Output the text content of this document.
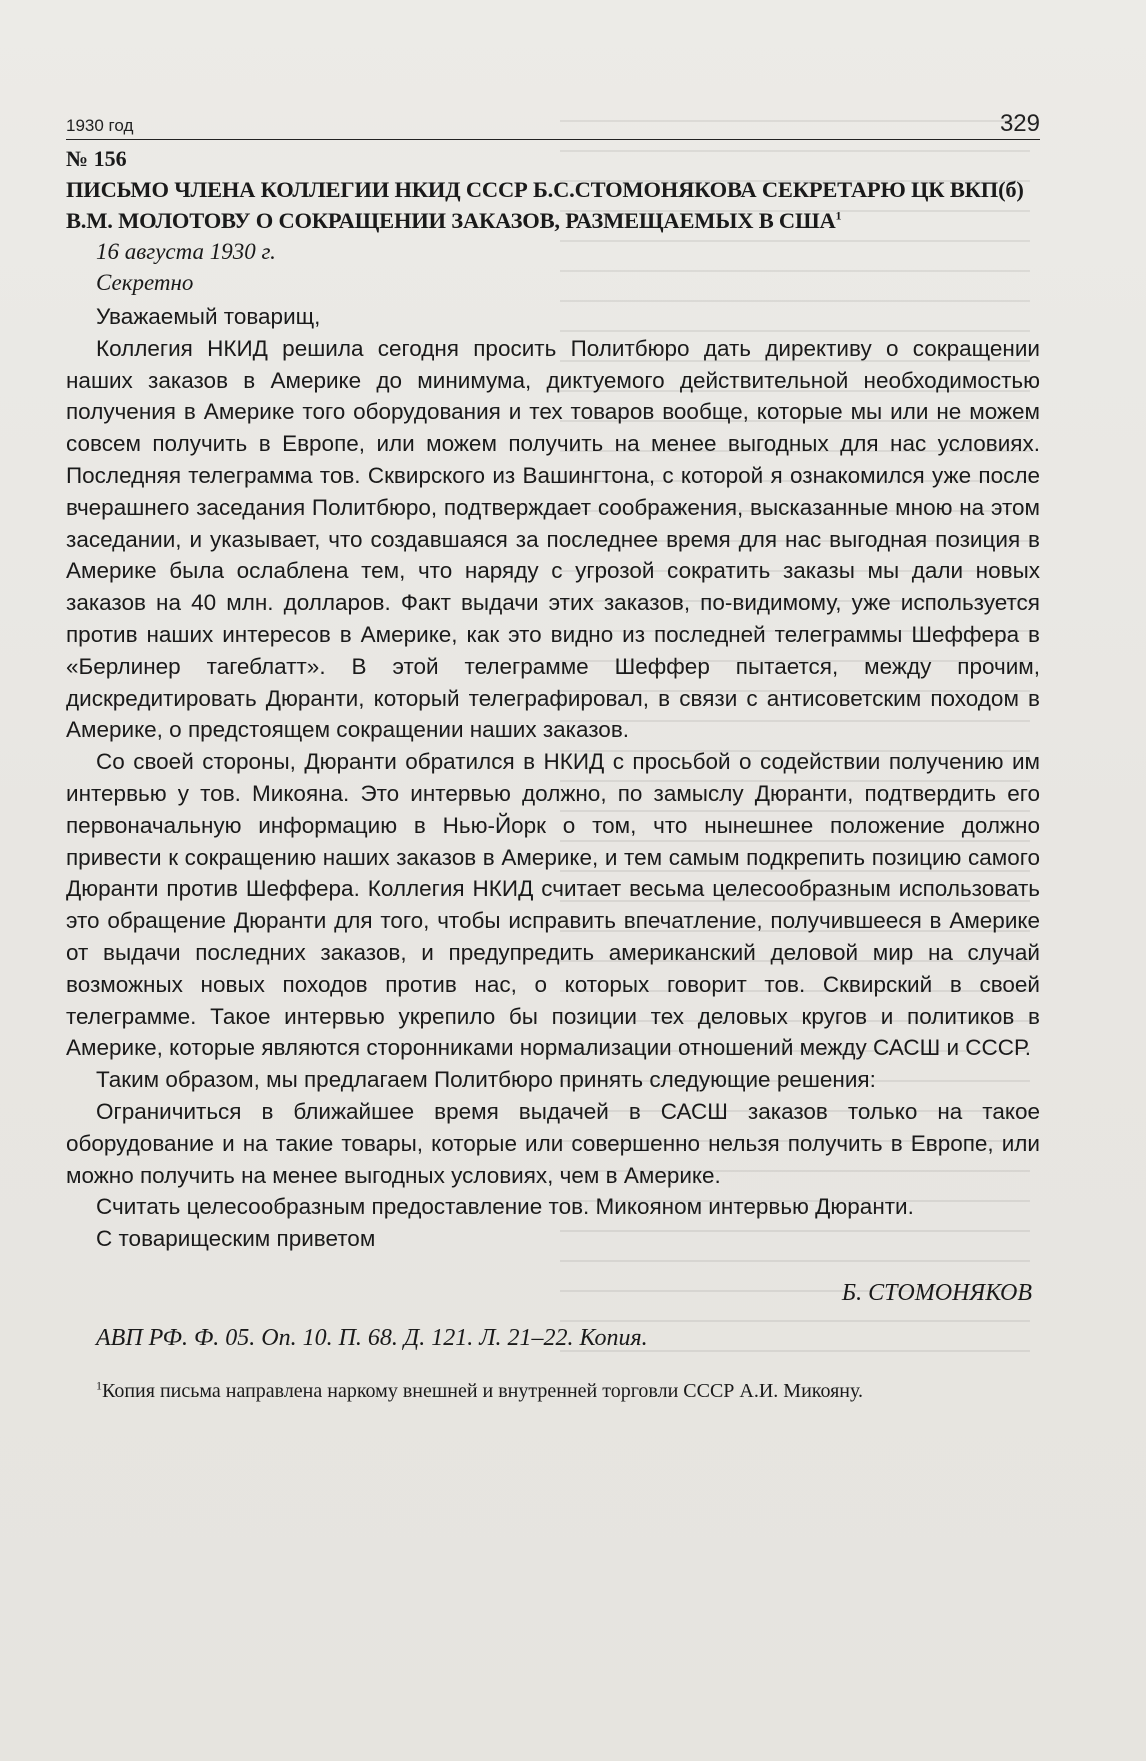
1930 год	329

№ 156

ПИСЬМО ЧЛЕНА КОЛЛЕГИИ НКИД СССР Б.С.СТОМОНЯКОВА СЕКРЕТАРЮ ЦК ВКП(б) В.М. МОЛОТОВУ О СОКРАЩЕНИИ ЗАКАЗОВ, РАЗМЕЩАЕМЫХ В США$^1$

16 августа 1930 г.

Секретно

Уважаемый товарищ,

Коллегия НКИД решила сегодня просить Политбюро дать директиву о сокращении наших заказов в Америке до минимума, диктуемого действительной необходимостью получения в Америке того оборудования и тех товаров вообще, которые мы или не можем совсем получить в Европе, или можем получить на менее выгодных для нас условиях. Последняя телеграмма тов. Сквирского из Вашингтона, с которой я ознакомился уже после вчерашнего заседания Политбюро, подтверждает соображения, высказанные мною на этом заседании, и указывает, что создавшаяся за последнее время для нас выгодная позиция в Америке была ослаблена тем, что наряду с угрозой сократить заказы мы дали новых заказов на 40 млн. долларов. Факт выдачи этих заказов, по-видимому, уже используется против наших интересов в Америке, как это видно из последней телеграммы Шеффера в «Берлинер тагеблатт». В этой телеграмме Шеффер пытается, между прочим, дискредитировать Дюранти, который телеграфировал, в связи с антисоветским походом в Америке, о предстоящем сокращении наших заказов.

Со своей стороны, Дюранти обратился в НКИД с просьбой о содействии получению им интервью у тов. Микояна. Это интервью должно, по замыслу Дюранти, подтвердить его первоначальную информацию в Нью-Йорк о том, что нынешнее положение должно привести к сокращению наших заказов в Америке, и тем самым подкрепить позицию самого Дюранти против Шеффера. Коллегия НКИД считает весьма целесообразным использовать это обращение Дюранти для того, чтобы исправить впечатление, получившееся в Америке от выдачи последних заказов, и предупредить американский деловой мир на случай возможных новых походов против нас, о которых говорит тов. Сквирский в своей телеграмме. Такое интервью укрепило бы позиции тех деловых кругов и политиков в Америке, которые являются сторонниками нормализации отношений между САСШ и СССР.

Таким образом, мы предлагаем Политбюро принять следующие решения:

Ограничиться в ближайшее время выдачей в САСШ заказов только на такое оборудование и на такие товары, которые или совершенно нельзя получить в Европе, или можно получить на менее выгодных условиях, чем в Америке.

Считать целесообразным предоставление тов. Микояном интервью Дюранти.

С товарищеским приветом

Б. СТОМОНЯКОВ
АВП РФ. Ф. 05. Оп. 10. П. 68. Д. 121. Л. 21–22. Копия.
$^1$Копия письма направлена наркому внешней и внутренней торговли СССР А.И. Микояну.
